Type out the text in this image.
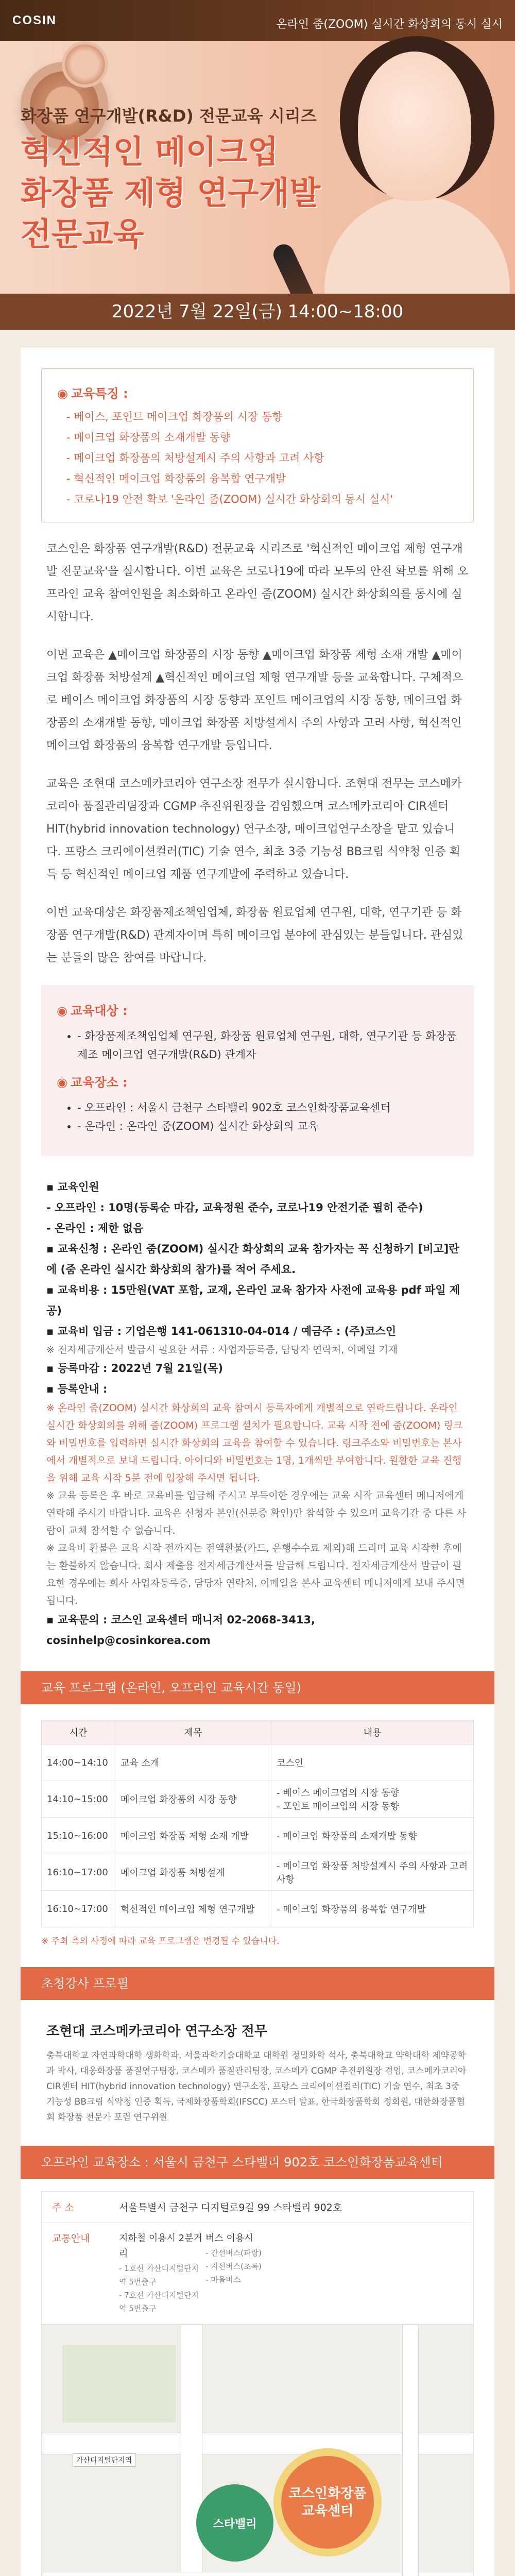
COSIN	온라인 줌(ZOOM) 실시간 화상회의 동시 실시
화장품 연구개발(R&D) 전문교육 시리즈
혁신적인 메이크업
화장품 제형 연구개발
전문교육
2022년 7월 22일(금) 14:00~18:00
◉ 교육특징 :
- 베이스, 포인트 메이크업 화장품의 시장 동향
- 메이크업 화장품의 소재개발 동향
- 메이크업 화장품의 처방설계시 주의 사항과 고려 사항
- 혁신적인 메이크업 화장품의 융복합 연구개발
- 코로나19 안전 확보 '온라인 줌(ZOOM) 실시간 화상회의 동시 실시'

코스인은 화장품 연구개발(R&D) 전문교육 시리즈로 '혁신적인 메이크업 제형 연구개발 전문교육'을 실시합니다. 이번 교육은 코로나19에 따라 모두의 안전 확보를 위해 오프라인 교육 참여인원을 최소화하고 온라인 줌(ZOOM) 실시간 화상회의를 동시에 실시합니다.

이번 교육은 ▲메이크업 화장품의 시장 동향 ▲메이크업 화장품 제형 소재 개발 ▲메이크업 화장품 처방설계 ▲혁신적인 메이크업 제형 연구개발 등을 교육합니다. 구체적으로 베이스 메이크업 화장품의 시장 동향과 포인트 메이크업의 시장 동향, 메이크업 화장품의 소재개발 동향, 메이크업 화장품 처방설계시 주의 사항과 고려 사항, 혁신적인 메이크업 화장품의 융복합 연구개발 등입니다.

교육은 조현대 코스메카코리아 연구소장 전무가 실시합니다. 조현대 전무는 코스메카코리아 품질관리팀장과 CGMP 추진위원장을 겸임했으며 코스메카코리아 CIR센터 HIT(hybrid innovation technology) 연구소장, 메이크업연구소장을 맡고 있습니다. 프랑스 크리에이션컬러(TIC) 기술 연수, 최초 3중 기능성 BB크림 식약청 인증 획득 등 혁신적인 메이크업 제품 연구개발에 주력하고 있습니다.

이번 교육대상은 화장품제조책임업체, 화장품 원료업체 연구원, 대학, 연구기관 등 화장품 연구개발(R&D) 관계자이며 특히 메이크업 분야에 관심있는 분들입니다. 관심있는 분들의 많은 참여를 바랍니다.

◉ 교육대상 :
• - 화장품제조책임업체 연구원, 화장품 원료업체 연구원, 대학, 연구기관 등 화장품 제조 메이크업 연구개발(R&D) 관계자
◉ 교육장소 :
• - 오프라인 : 서울시 금천구 스타밸리 902호 코스인화장품교육센터
• - 온라인 : 온라인 줌(ZOOM) 실시간 화상회의 교육
▪ 교육인원
- 오프라인 : 10명(등록순 마감, 교육정원 준수, 코로나19 안전기준 필히 준수)
- 온라인 : 제한 없음
▪ 교육신청 : 온라인 줌(ZOOM) 실시간 화상회의 교육 참가자는 꼭 신청하기 [비고]란에 (줌 온라인 실시간 화상회의 참가)를 적어 주세요.
▪ 교육비용 : 15만원(VAT 포함, 교재, 온라인 교육 참가자 사전에 교육용 pdf 파일 제공)
▪ 교육비 입금 : 기업은행 141-061310-04-014 / 예금주 : (주)코스인
※ 전자세금계산서 발급시 필요한 서류 : 사업자등록증, 담당자 연락처, 이메일 기재
▪ 등록마감 : 2022년 7월 21일(목)
▪ 등록안내 :
※ 온라인 줌(ZOOM) 실시간 화상회의 교육 참여시 등록자에게 개별적으로 연락드립니다. 온라인 실시간 화상회의를 위해 줌(ZOOM) 프로그램 설치가 필요합니다. 교육 시작 전에 줌(ZOOM) 링크와 비밀번호를 입력하면 실시간 화상회의 교육을 참여할 수 있습니다. 링크주소와 비밀번호는 본사에서 개별적으로 보내 드립니다. 아이디와 비밀번호는 1명, 1개씩만 부여합니다. 원활한 교육 진행을 위해 교육 시작 5분 전에 입장해 주시면 됩니다.
※ 교육 등록은 후 바로 교육비를 입금해 주시고 부득이한 경우에는 교육 시작 교육센터 메니저에게 연락해 주시기 바랍니다. 교육은 신청자 본인(신분증 확인)만 참석할 수 있으며 교육기간 중 다른 사람이 교체 참석할 수 없습니다.
※ 교육비 환불은 교육 시작 전까지는 전액환불(카드, 은행수수료 제외)해 드리며 교육 시작한 후에는 환불하지 않습니다. 회사 제출용 전자세금계산서를 발급해 드립니다. 전자세금계산서 발급이 필요한 경우에는 회사 사업자등록증, 담당자 연락처, 이메일을 본사 교육센터 메니저에게 보내 주시면 됩니다.
▪ 교육문의 : 코스인 교육센터 매니저 02-2068-3413, cosinhelp@cosinkorea.com
교육 프로그램 (온라인, 오프라인 교육시간 동일)
시간	제목	내용
14:00~14:10	교육 소개	코스인
14:10~15:00	메이크업 화장품의 시장 동향	- 베이스 메이크업의 시장 동향
- 포인트 메이크업의 시장 동향
15:10~16:00	메이크업 화장품 제형 소재 개발	- 메이크업 화장품의 소재개발 동향
16:10~17:00	메이크업 화장품 처방설계	- 메이크업 화장품 처방설계시 주의 사항과 고려 사항
16:10~17:00	혁신적인 메이크업 제형 연구개발	- 메이크업 화장품의 융복합 연구개발
※ 주최 측의 사정에 따라 교육 프로그램은 변경될 수 있습니다.
초청강사 프로필
조현대 코스메카코리아 연구소장 전무
충북대학교 자연과학대학 생화학과, 서울과학기술대학교 대학원 정밀화학 석사, 충북대학교 약학대학 제약공학과 박사, 대웅화장품 품질연구팀장, 코스메카 품질관리팀장, 코스메카 CGMP 추진위원장 겸임, 코스메카코리아 CIR센터 HIT(hybrid innovation technology) 연구소장, 프랑스 크리에이션컬러(TIC) 기술 연수, 최초 3중 기능성 BB크림 식약청 인증 획득, 국제화장품학회(IFSCC) 포스터 발표, 한국화장품학회 정회원, 대한화장품협회 화장품 전문가 포럼 연구위원
오프라인 교육장소 : 서울시 금천구 스타밸리 902호 코스인화장품교육센터
주 소	서울특별시 금천구 디지털로9길 99 스타밸리 902호
교통안내	지하철 이용시 2분거리
- 1호선 가산디지털단지역 5번출구
- 7호선 가산디지털단지역 5번출구
버스 이용시
- 간선버스(파랑)
- 지선버스(초록)
- 마을버스
가산디지털단지역
스타밸리
코스인화장품
교육센터
